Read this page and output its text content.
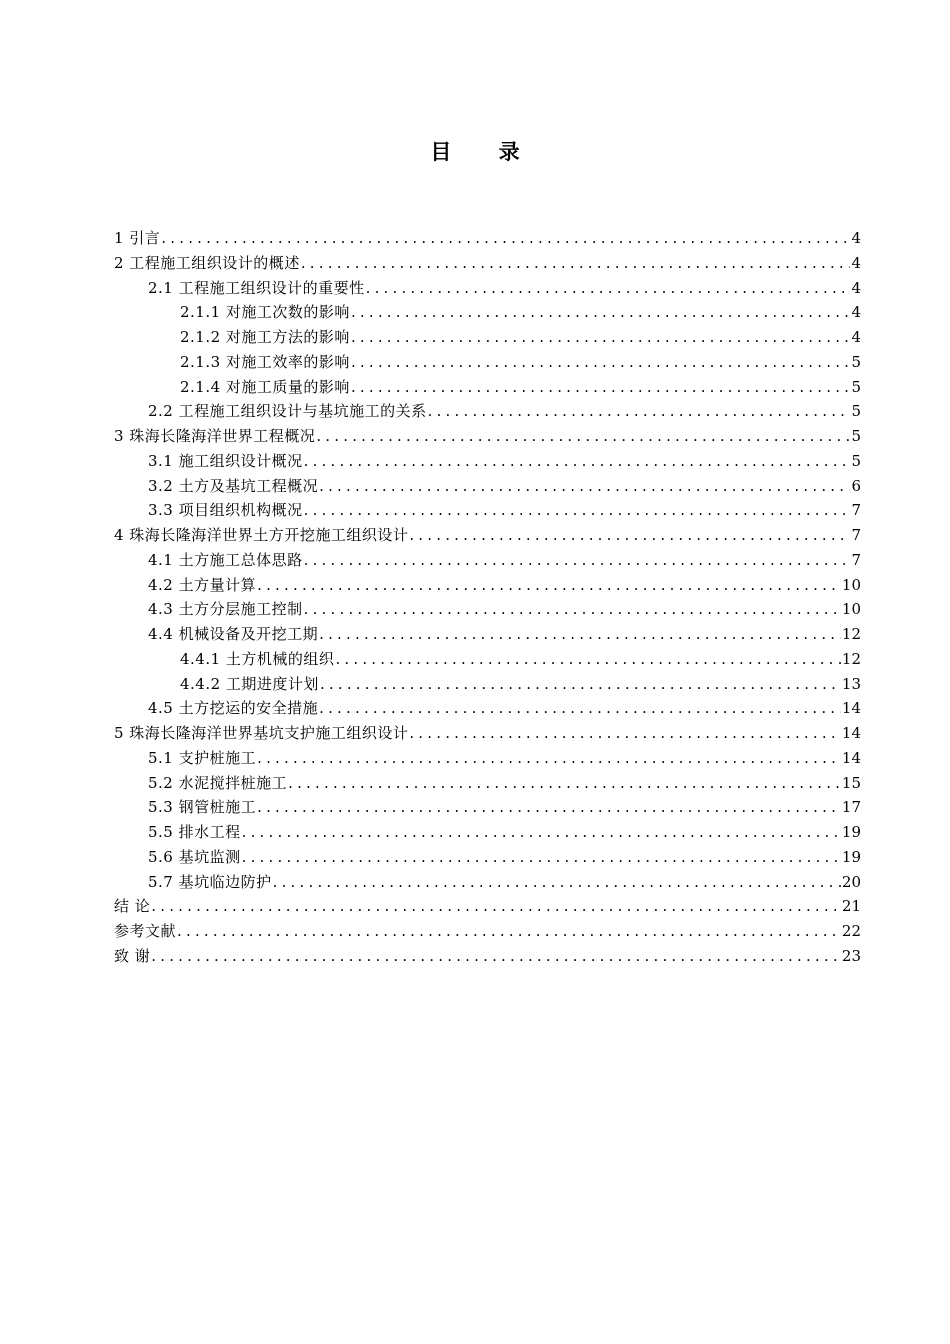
目 录
1 引言 .....	4
2 工程施工组织设计的概述 .....	4
2.1 工程施工组织设计的重要性 .....	4
2.1.1 对施工次数的影响 .....	4
2.1.2 对施工方法的影响 .....	4
2.1.3 对施工效率的影响 .....	5
2.1.4 对施工质量的影响 .....	5
2.2 工程施工组织设计与基坑施工的关系 .....	5
3 珠海长隆海洋世界工程概况 .....	5
3.1 施工组织设计概况 .....	5
3.2 土方及基坑工程概况 .....	6
3.3 项目组织机构概况 .....	7
4 珠海长隆海洋世界土方开挖施工组织设计 .....	7
4.1 土方施工总体思路 .....	7
4.2 土方量计算 .....	10
4.3 土方分层施工控制 .....	10
4.4 机械设备及开挖工期 .....	12
4.4.1 土方机械的组织 .....	12
4.4.2 工期进度计划 .....	13
4.5 土方挖运的安全措施 .....	14
5 珠海长隆海洋世界基坑支护施工组织设计 .....	14
5.1 支护桩施工 .....	14
5.2 水泥搅拌桩施工 .....	15
5.3 钢管桩施工 .....	17
5.5 排水工程 .....	19
5.6 基坑监测 .....	19
5.7 基坑临边防护 .....	20
结 论 .....	21
参考文献 .....	22
致 谢 .....	23
